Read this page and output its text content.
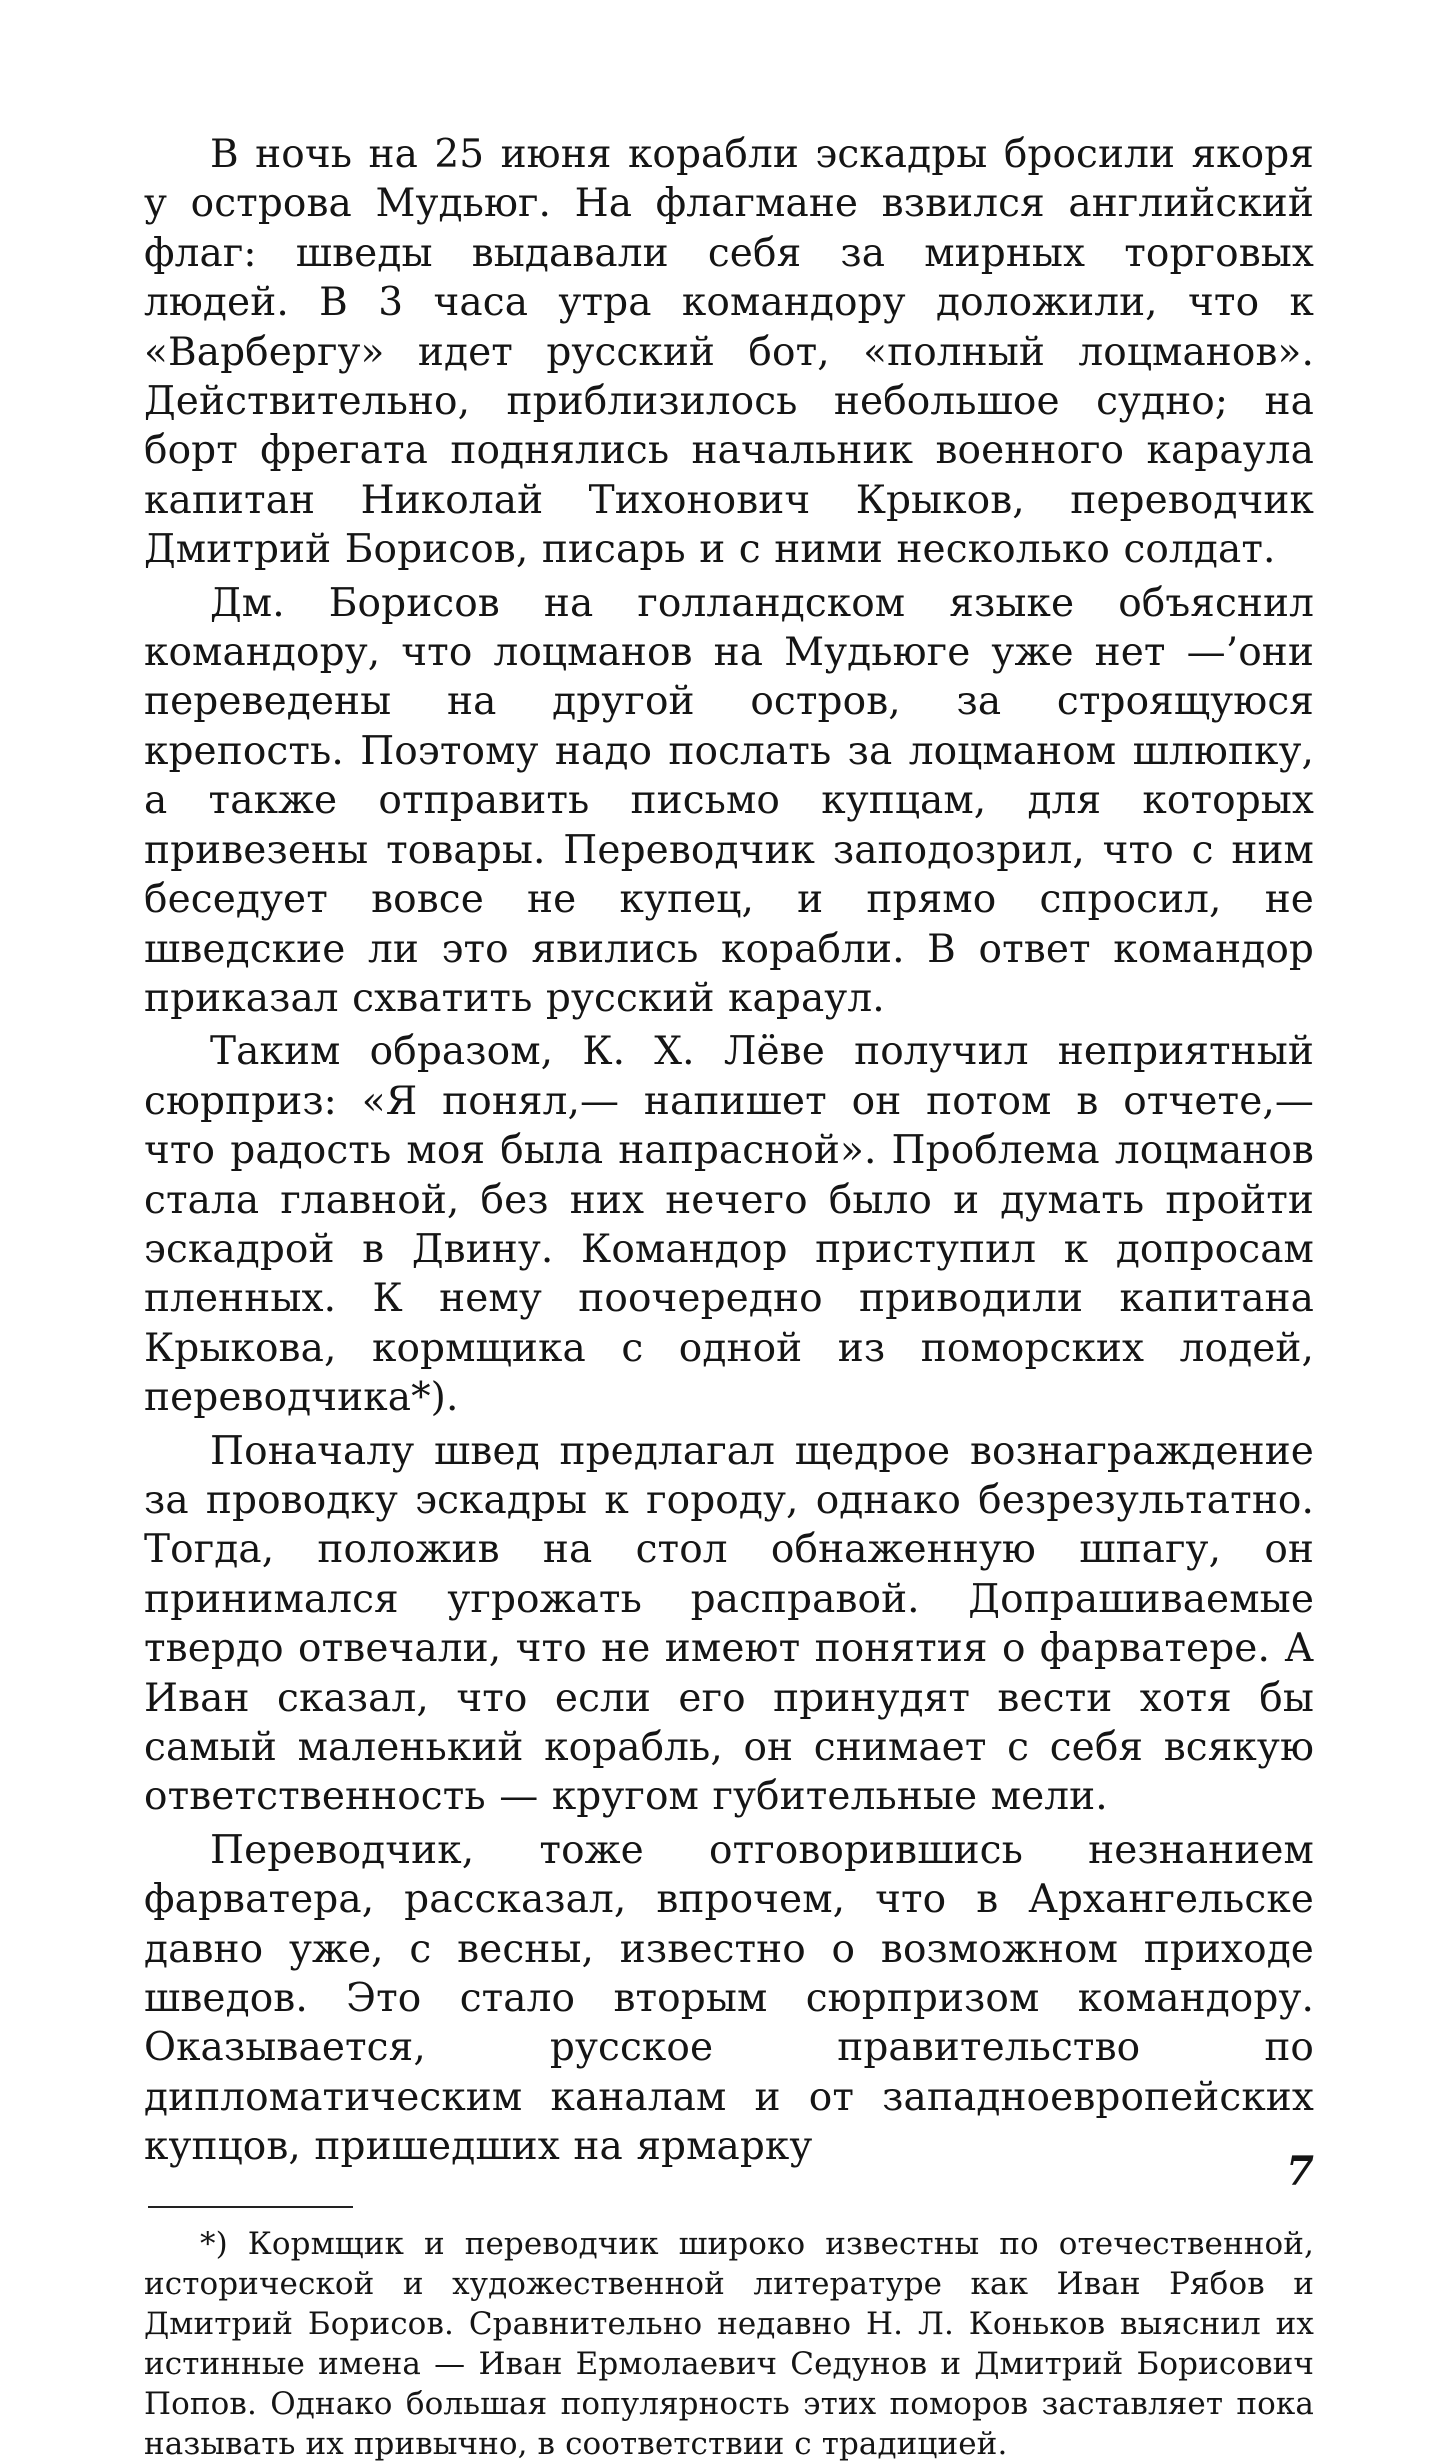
В ночь на 25 июня корабли эскадры бросили якоря у острова Мудьюг. На флагмане взвился английский флаг: шведы выдавали себя за мирных торговых людей. В 3 часа утра командору доложили, что к «Варбергу» идет русский бот, «полный лоцманов». Действительно, приблизилось небольшое судно; на борт фрегата поднялись начальник военного караула капитан Николай Тихонович Крыков, переводчик Дмитрий Борисов, писарь и с ними несколько солдат.

Дм. Борисов на голландском языке объяснил командору, что лоцманов на Мудьюге уже нет —’они переведены на другой остров, за строящуюся крепость. Поэтому надо послать за лоцманом шлюпку, а также отправить письмо купцам, для которых привезены товары. Переводчик заподозрил, что с ним беседует вовсе не купец, и прямо спросил, не шведские ли это явились корабли. В ответ командор приказал схватить русский караул.

Таким образом, К. Х. Лёве получил неприятный сюрприз: «Я понял,— напишет он потом в отчете,— что радость моя была напрасной». Проблема лоцманов стала главной, без них нечего было и думать пройти эскадрой в Двину. Командор приступил к допросам пленных. К нему поочередно приводили капитана Крыкова, кормщика с одной из поморских лодей, переводчика*).

Поначалу швед предлагал щедрое вознаграждение за проводку эскадры к городу, однако безрезультатно. Тогда, положив на стол обнаженную шпагу, он принимался угрожать расправой. Допрашиваемые твердо отвечали, что не имеют понятия о фарватере. А Иван сказал, что если его принудят вести хотя бы самый маленький корабль, он снимает с себя всякую ответственность — кругом губительные мели.

Переводчик, тоже отговорившись незнанием фарватера, рассказал, впрочем, что в Архангельске давно уже, с весны, известно о возможном приходе шведов. Это стало вторым сюрпризом командору. Оказывается, русское правительство по дипломатическим каналам и от западноевропейских купцов, пришедших на ярмарку

*) Кормщик и переводчик широко известны по отечественной, исторической и художественной литературе как Иван Рябов и Дмитрий Борисов. Сравнительно недавно Н. Л. Коньков выяснил их истинные имена — Иван Ермолаевич Седунов и Дмитрий Борисович Попов. Однако большая популярность этих поморов заставляет пока называть их привычно, в соответствии с традицией.

7
